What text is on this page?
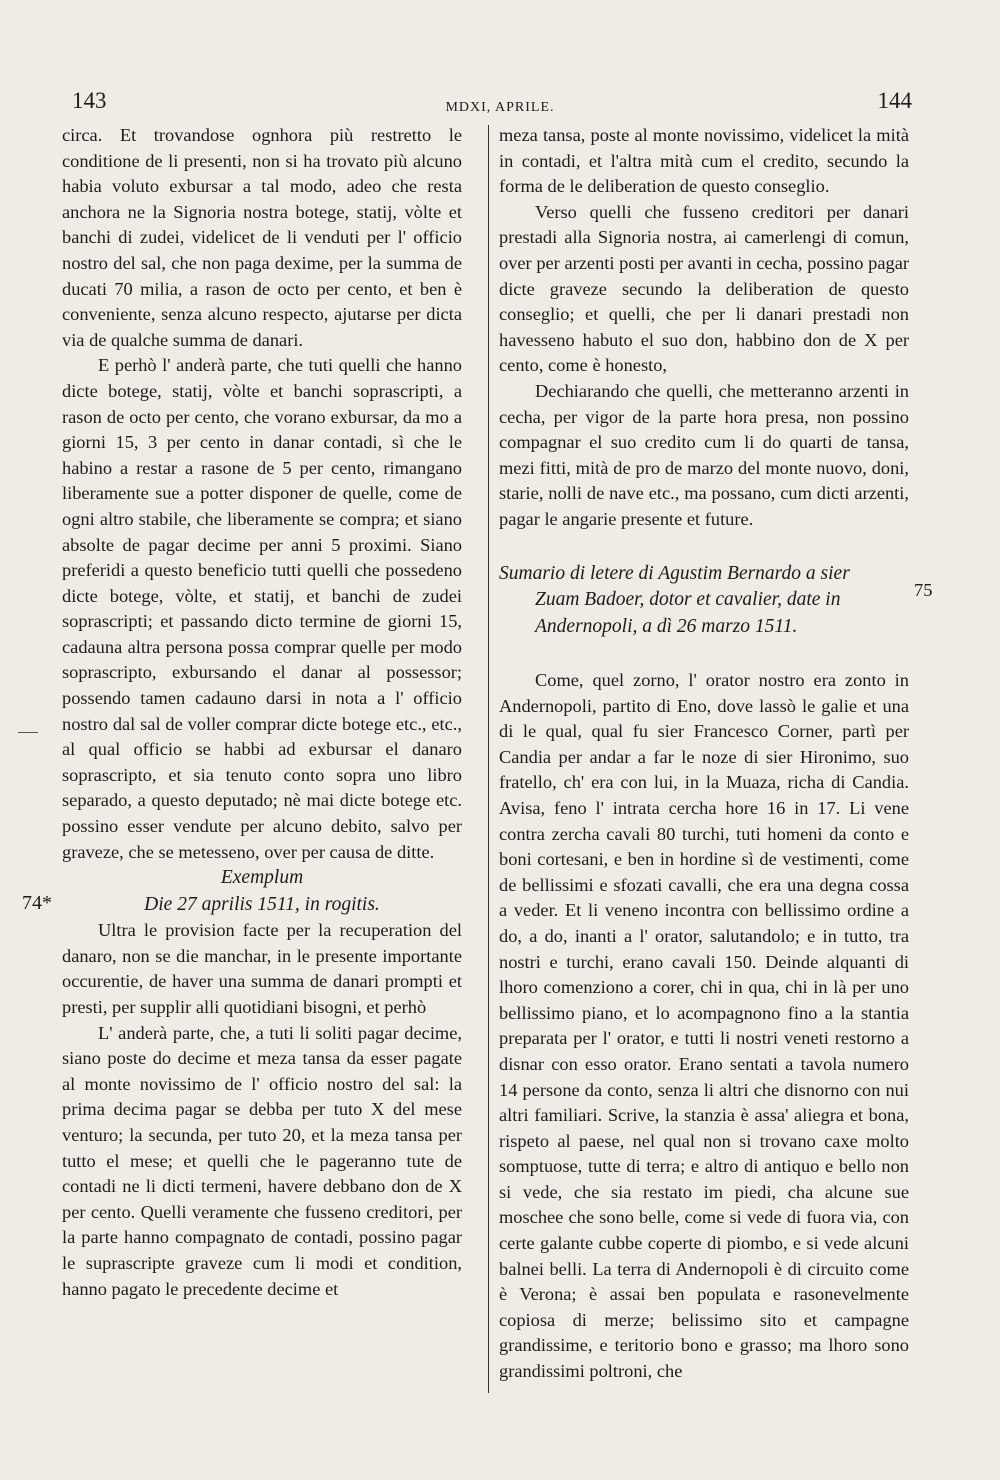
143	MDXI, APRILE.	144
74*
75

circa. Et trovandose ognhora più restretto le conditione de li presenti, non si ha trovato più alcuno habia voluto exbursar a tal modo, adeo che resta anchora ne la Signoria nostra botege, statij, vòlte et banchi di zudei, videlicet de li venduti per l' officio nostro del sal, che non paga dexime, per la summa de ducati 70 milia, a rason de octo per cento, et ben è conveniente, senza alcuno respecto, ajutarse per dicta via de qualche summa de danari.

E perhò l' anderà parte, che tuti quelli che hanno dicte botege, statij, vòlte et banchi soprascripti, a rason de octo per cento, che vorano exbursar, da mo a giorni 15, 3 per cento in danar contadi, sì che le habino a restar a rasone de 5 per cento, rimangano liberamente sue a potter disponer de quelle, come de ogni altro stabile, che liberamente se compra; et siano absolte de pagar decime per anni 5 proximi. Siano preferidi a questo beneficio tutti quelli che possedeno dicte botege, vòlte, et statij, et banchi de zudei soprascripti; et passando dicto termine de giorni 15, cadauna altra persona possa comprar quelle per modo soprascripto, exbursando el danar al possessor; possendo tamen cadauno darsi in nota a l' officio nostro dal sal de voller comprar dicte botege etc., etc., al qual officio se habbi ad exbursar el danaro soprascripto, et sia tenuto conto sopra uno libro separado, a questo deputado; nè mai dicte botege etc. possino esser vendute per alcuno debito, salvo per graveze, che se metesseno, over per causa de ditte.

Exemplum

Die 27 aprilis 1511, in rogitis.

Ultra le provision facte per la recuperation del danaro, non se die manchar, in le presente importante occurentie, de haver una summa de danari prompti et presti, per supplir alli quotidiani bisogni, et perhò

L' anderà parte, che, a tuti li soliti pagar decime, siano poste do decime et meza tansa da esser pagate al monte novissimo de l' officio nostro del sal: la prima decima pagar se debba per tuto X del mese venturo; la secunda, per tuto 20, et la meza tansa per tutto el mese; et quelli che le pageranno tute de contadi ne li dicti termeni, havere debbano don de X per cento. Quelli veramente che fusseno creditori, per la parte hanno compagnato de contadi, possino pagar le suprascripte graveze cum li modi et condition, hanno pagato le precedente decime et

meza tansa, poste al monte novissimo, videlicet la mità in contadi, et l'altra mità cum el credito, secundo la forma de le deliberation de questo conseglio.

Verso quelli che fusseno creditori per danari prestadi alla Signoria nostra, ai camerlengi di comun, over per arzenti posti per avanti in cecha, possino pagar dicte graveze secundo la deliberation de questo conseglio; et quelli, che per li danari prestadi non havesseno habuto el suo don, habbino don de X per cento, come è honesto,

Dechiarando che quelli, che metteranno arzenti in cecha, per vigor de la parte hora presa, non possino compagnar el suo credito cum li do quarti de tansa, mezi fitti, mità de pro de marzo del monte nuovo, doni, starie, nolli de nave etc., ma possano, cum dicti arzenti, pagar le angarie presente et future.

Sumario di letere di Agustim Bernardo a sier
Zuam Badoer, dotor et cavalier, date in
Andernopoli, a dì 26 marzo 1511.

Come, quel zorno, l' orator nostro era zonto in Andernopoli, partito di Eno, dove lassò le galie et una di le qual, qual fu sier Francesco Corner, partì per Candia per andar a far le noze di sier Hironimo, suo fratello, ch' era con lui, in la Muaza, richa di Candia. Avisa, feno l' intrata cercha hore 16 in 17. Li vene contra zercha cavali 80 turchi, tuti homeni da conto e boni cortesani, e ben in hordine sì de vestimenti, come de bellissimi e sfozati cavalli, che era una degna cossa a veder. Et li veneno incontra con bellissimo ordine a do, a do, inanti a l' orator, salutandolo; e in tutto, tra nostri e turchi, erano cavali 150. Deinde alquanti di lhoro comenziono a corer, chi in qua, chi in là per uno bellissimo piano, et lo acompagnono fino a la stantia preparata per l' orator, e tutti li nostri veneti restorno a disnar con esso orator. Erano sentati a tavola numero 14 persone da conto, senza li altri che disnorno con nui altri familiari. Scrive, la stanzia è assa' aliegra et bona, rispeto al paese, nel qual non si trovano caxe molto somptuose, tutte di terra; e altro di antiquo e bello non si vede, che sia restato im piedi, cha alcune sue moschee che sono belle, come si vede di fuora via, con certe galante cubbe coperte di piombo, e si vede alcuni balnei belli. La terra di Andernopoli è di circuito come è Verona; è assai ben populata e rasonevelmente copiosa di merze; belissimo sito et campagne grandissime, e teritorio bono e grasso; ma lhoro sono grandissimi poltroni, che
